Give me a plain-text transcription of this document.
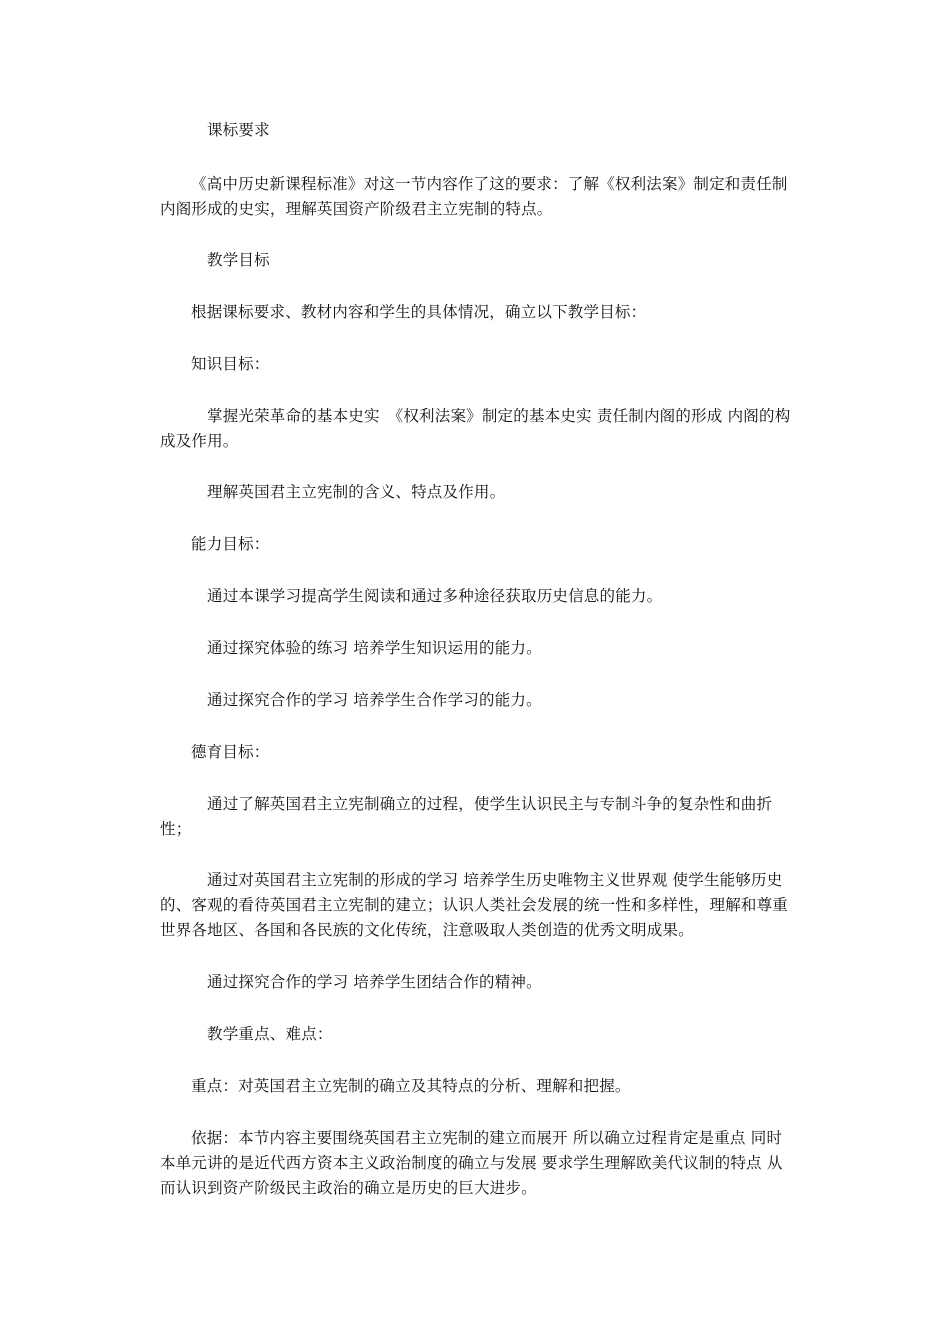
课标要求

《高中历史新课程标准》对这一节内容作了这的要求：了解《权利法案》制定和责任制内阁形成的史实，理解英国资产阶级君主立宪制的特点。

教学目标

根据课标要求、教材内容和学生的具体情况，确立以下教学目标：

知识目标：

掌握光荣革命的基本史实　《权利法案》制定的基本史实 责任制内阁的形成 内阁的构成及作用。

理解英国君主立宪制的含义、特点及作用。

能力目标：

通过本课学习提高学生阅读和通过多种途径获取历史信息的能力。

通过探究体验的练习 培养学生知识运用的能力。

通过探究合作的学习 培养学生合作学习的能力。

德育目标：

通过了解英国君主立宪制确立的过程，使学生认识民主与专制斗争的复杂性和曲折性；

通过对英国君主立宪制的形成的学习 培养学生历史唯物主义世界观 使学生能够历史的、客观的看待英国君主立宪制的建立；认识人类社会发展的统一性和多样性，理解和尊重世界各地区、各国和各民族的文化传统，注意吸取人类创造的优秀文明成果。

通过探究合作的学习 培养学生团结合作的精神。

教学重点、难点：

重点：对英国君主立宪制的确立及其特点的分析、理解和把握。

依据：本节内容主要围绕英国君主立宪制的建立而展开 所以确立过程肯定是重点 同时本单元讲的是近代西方资本主义政治制度的确立与发展 要求学生理解欧美代议制的特点 从而认识到资产阶级民主政治的确立是历史的巨大进步。
